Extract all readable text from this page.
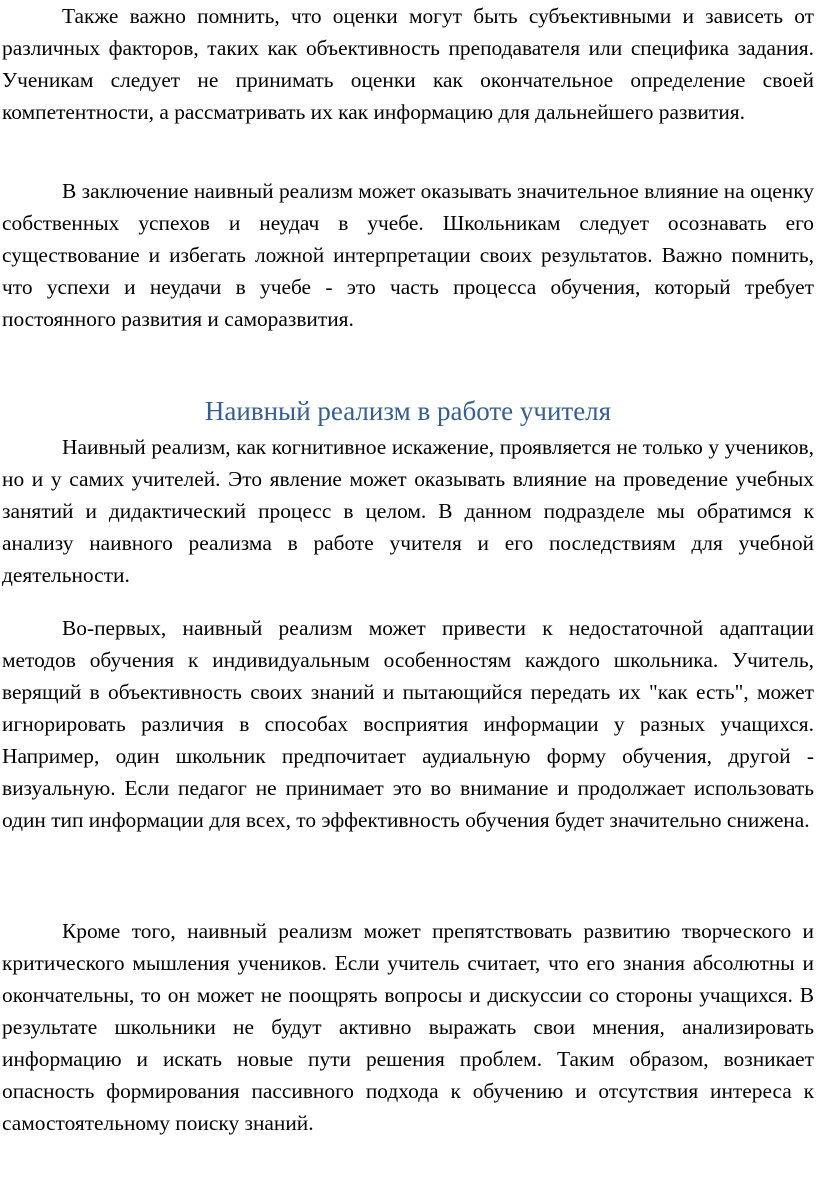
Также важно помнить, что оценки могут быть субъективными и зависеть от различных факторов, таких как объективность преподавателя или специфика задания. Ученикам следует не принимать оценки как окончательное определение своей компетентности, а рассматривать их как информацию для дальнейшего развития.

В заключение наивный реализм может оказывать значительное влияние на оценку собственных успехов и неудач в учебе. Школьникам следует осознавать его существование и избегать ложной интерпретации своих результатов. Важно помнить, что успехи и неудачи в учебе - это часть процесса обучения, который требует постоянного развития и саморазвития.

Наивный реализм в работе учителя

Наивный реализм, как когнитивное искажение, проявляется не только у учеников, но и у самих учителей. Это явление может оказывать влияние на проведение учебных занятий и дидактический процесс в целом. В данном подразделе мы обратимся к анализу наивного реализма в работе учителя и его последствиям для учебной деятельности.

Во-первых, наивный реализм может привести к недостаточной адаптации методов обучения к индивидуальным особенностям каждого школьника. Учитель, верящий в объективность своих знаний и пытающийся передать их "как есть", может игнорировать различия в способах восприятия информации у разных учащихся. Например, один школьник предпочитает аудиальную форму обучения, другой - визуальную. Если педагог не принимает это во внимание и продолжает использовать один тип информации для всех, то эффективность обучения будет значительно снижена.

Кроме того, наивный реализм может препятствовать развитию творческого и критического мышления учеников. Если учитель считает, что его знания абсолютны и окончательны, то он может не поощрять вопросы и дискуссии со стороны учащихся. В результате школьники не будут активно выражать свои мнения, анализировать информацию и искать новые пути решения проблем. Таким образом, возникает опасность формирования пассивного подхода к обучению и отсутствия интереса к самостоятельному поиску знаний.
